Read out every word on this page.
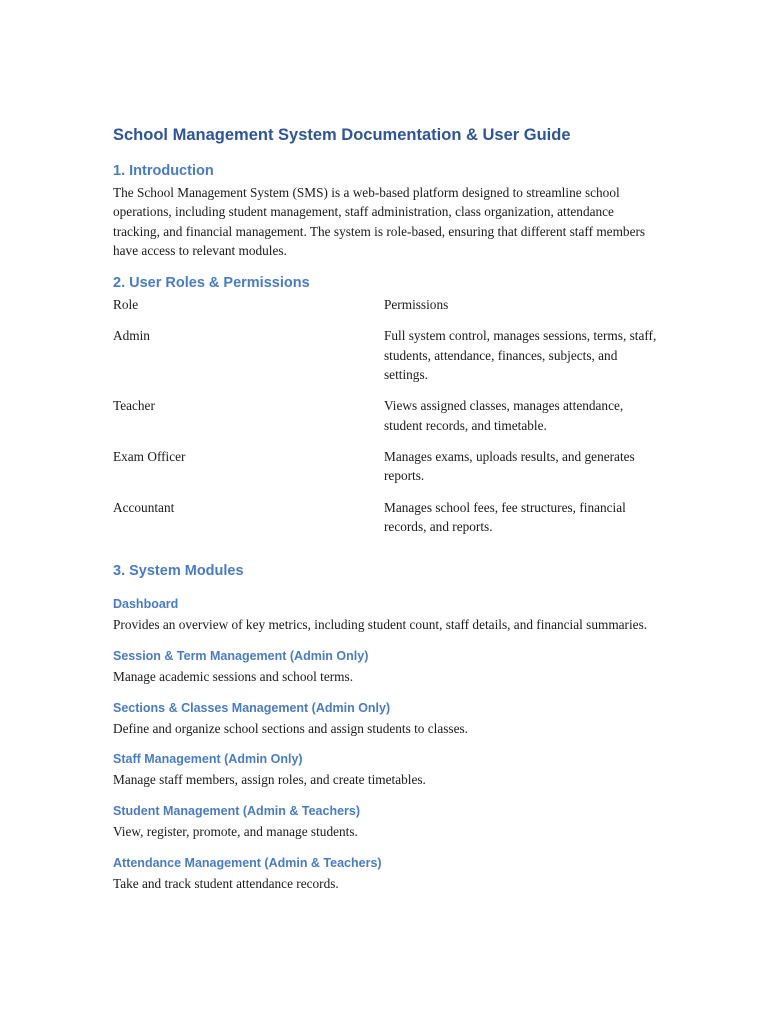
School Management System Documentation & User Guide
1. Introduction

The School Management System (SMS) is a web-based platform designed to streamline school operations, including student management, staff administration, class organization, attendance tracking, and financial management. The system is role-based, ensuring that different staff members have access to relevant modules.

2. User Roles & Permissions
Role	Permissions
Admin	Full system control, manages sessions, terms, staff, students, attendance, finances, subjects, and settings.
Teacher	Views assigned classes, manages attendance, student records, and timetable.
Exam Officer	Manages exams, uploads results, and generates reports.
Accountant	Manages school fees, fee structures, financial records, and reports.
3. System Modules
Dashboard

Provides an overview of key metrics, including student count, staff details, and financial summaries.

Session & Term Management (Admin Only)

Manage academic sessions and school terms.

Sections & Classes Management (Admin Only)

Define and organize school sections and assign students to classes.

Staff Management (Admin Only)

Manage staff members, assign roles, and create timetables.

Student Management (Admin & Teachers)

View, register, promote, and manage students.

Attendance Management (Admin & Teachers)

Take and track student attendance records.
